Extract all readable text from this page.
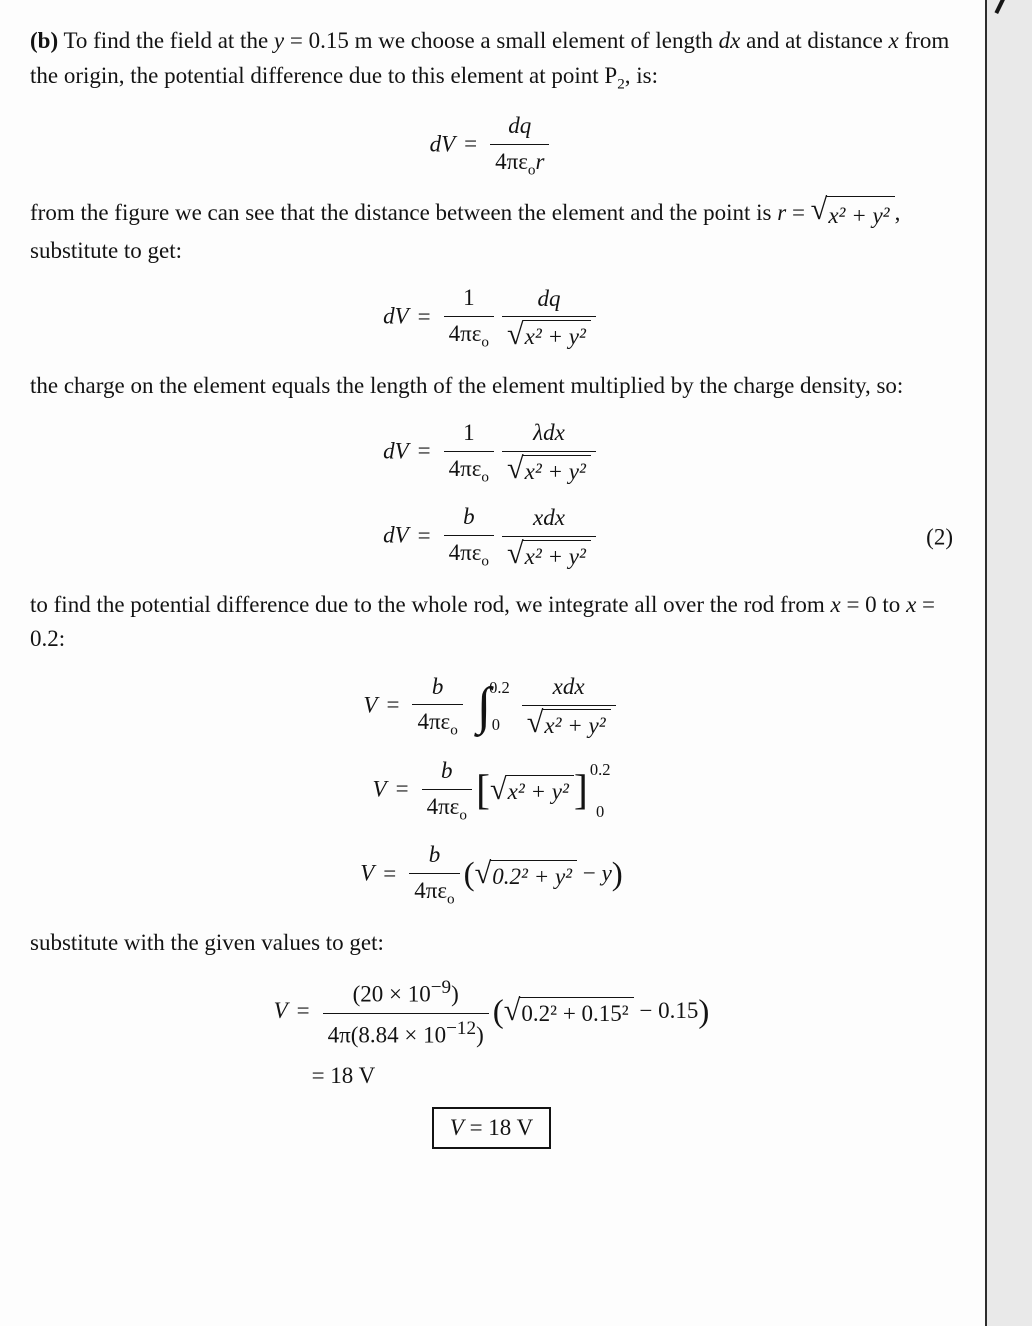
(b) To find the field at the y = 0.15 m we choose a small element of length dx and at distance x from the origin, the potential difference due to this element at point $P_2$, is:

dV = $\frac{dq}{4\pi\varepsilon_or}$

from the figure we can see that the distance between the element and the point is r = √ x² + y² , substitute to get:

dV = $\frac{1}{4\pi\varepsilon_o} \frac{dq}{\text{√ x² + y²}}$

the charge on the element equals the length of the element multiplied by the charge density, so:

dV = $\frac{1}{4\pi\varepsilon_o} \frac{\text{λdx}}{\text{√ x² + y²}}$
dV = $\frac{b}{4\pi\varepsilon_o} \frac{\text{xdx}}{\text{√ x² + y²}}$	(2)

to find the potential difference due to the whole rod, we integrate all over the rod from x = 0 to x = 0.2:

$V = \frac{b}{4\pi\varepsilon_o}$ ∫
0.2
$0 \frac{\text{xdx}}{\text{√ x² + y²}}$
$V = \frac{b}{4\pi\varepsilon_o}$ [ √ x² + y² ] 0.2
0
$V = \frac{b}{4\pi\varepsilon_o}$ ( √ 0.2² + y² − y)

substitute with the given values to get:

$V = \frac{(20 \times 10^{-9})}{4\pi(8.84 \times 10^{-12})}$ ( √ 0.2² + 0.15² − 0.15)
= 18 V
V = 18 V
